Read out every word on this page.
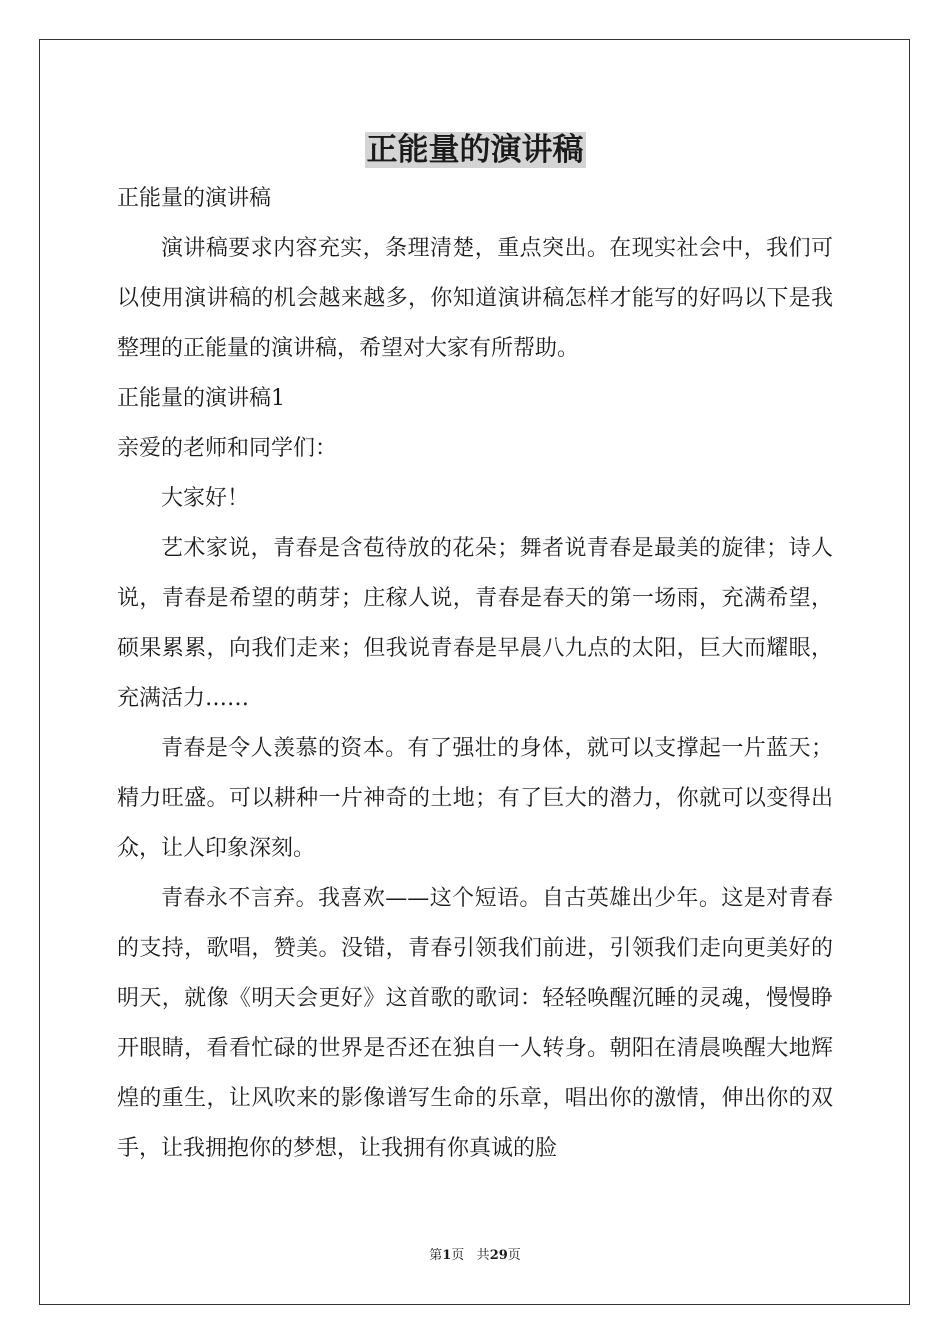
正能量的演讲稿

正能量的演讲稿

演讲稿要求内容充实，条理清楚，重点突出。在现实社会中，我们可以使用演讲稿的机会越来越多，你知道演讲稿怎样才能写的好吗以下是我整理的正能量的演讲稿，希望对大家有所帮助。

正能量的演讲稿1

亲爱的老师和同学们：

大家好！

艺术家说，青春是含苞待放的花朵；舞者说青春是最美的旋律；诗人说，青春是希望的萌芽；庄稼人说，青春是春天的第一场雨，充满希望，硕果累累，向我们走来；但我说青春是早晨八九点的太阳，巨大而耀眼，充满活力……

青春是令人羡慕的资本。有了强壮的身体，就可以支撑起一片蓝天；精力旺盛。可以耕种一片神奇的土地；有了巨大的潜力，你就可以变得出众，让人印象深刻。

青春永不言弃。我喜欢——这个短语。自古英雄出少年。这是对青春的支持，歌唱，赞美。没错，青春引领我们前进，引领我们走向更美好的明天，就像《明天会更好》这首歌的歌词：轻轻唤醒沉睡的灵魂，慢慢睁开眼睛，看看忙碌的世界是否还在独自一人转身。朝阳在清晨唤醒大地辉煌的重生，让风吹来的影像谱写生命的乐章，唱出你的激情，伸出你的双手，让我拥抱你的梦想，让我拥有你真诚的脸

第1页 共29页
